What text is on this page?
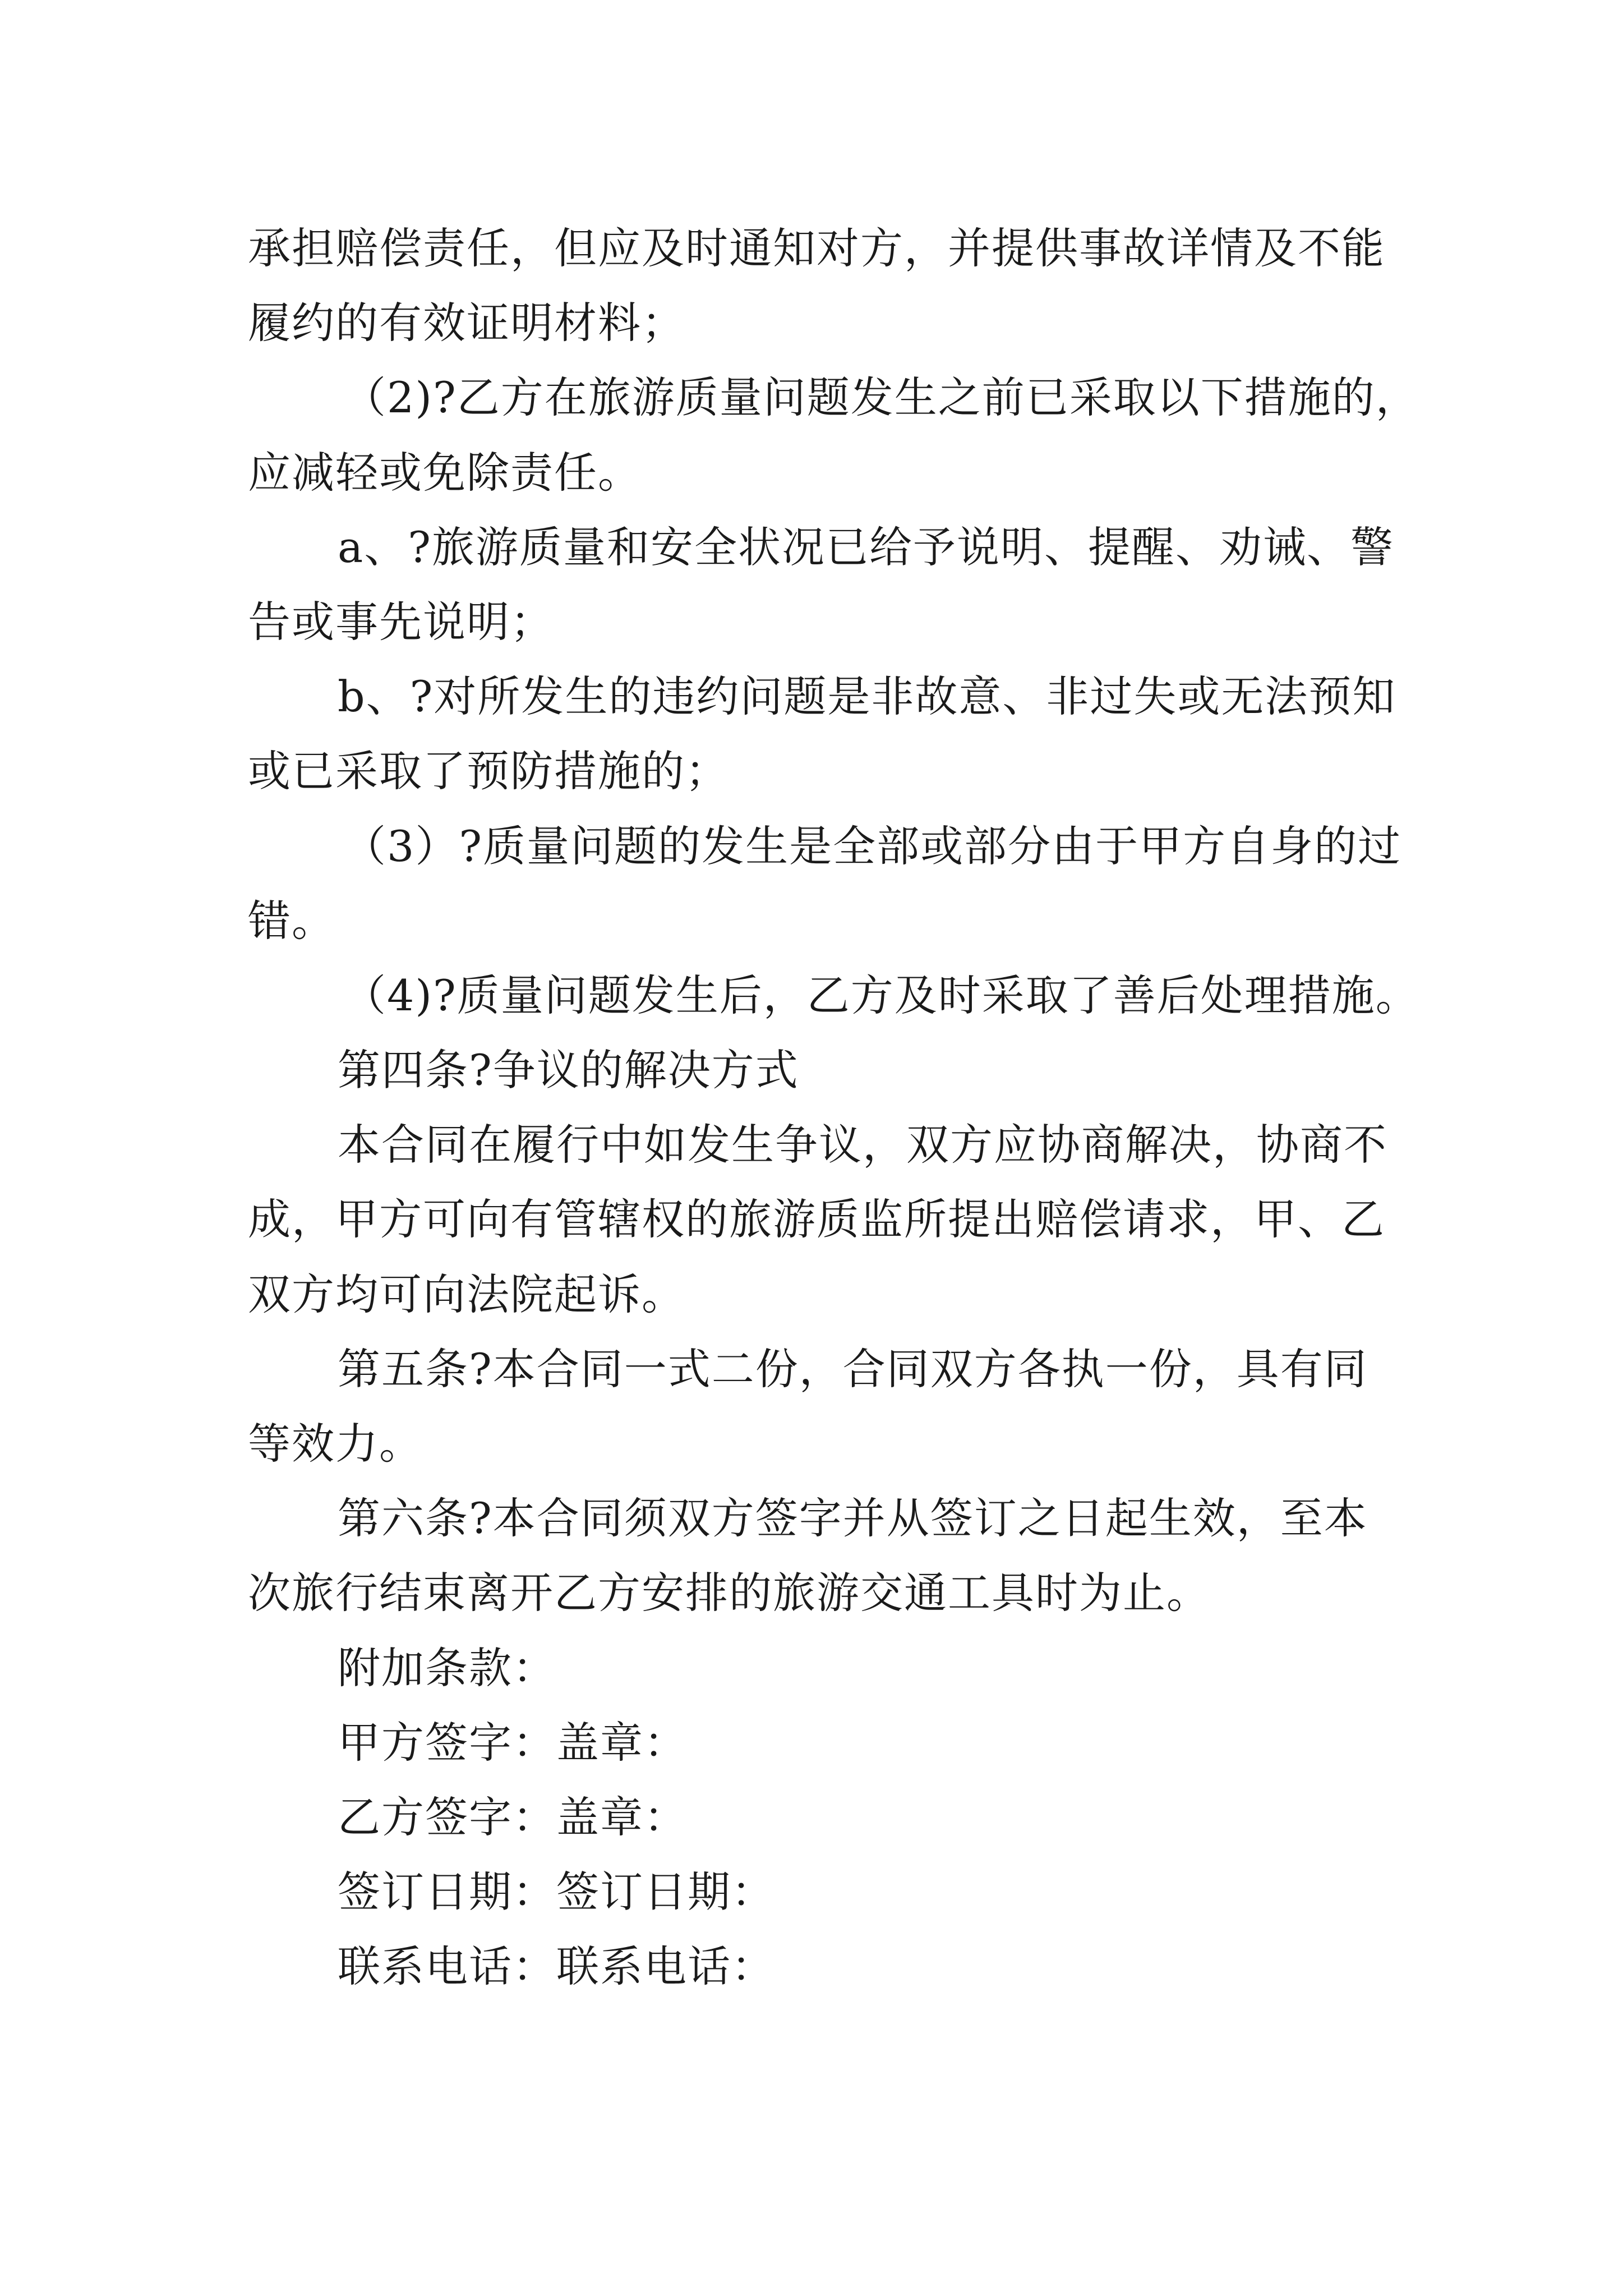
承担赔偿责任，但应及时通知对方，并提供事故详情及不能
履约的有效证明材料；
（2)?乙方在旅游质量问题发生之前已采取以下措施的，
应减轻或免除责任。
a、?旅游质量和安全状况已给予说明、提醒、劝诫、警
告或事先说明；
b、?对所发生的违约问题是非故意、非过失或无法预知
或已采取了预防措施的；
（3）?质量问题的发生是全部或部分由于甲方自身的过
错。
（4)?质量问题发生后，乙方及时采取了善后处理措施。
第四条?争议的解决方式
本合同在履行中如发生争议，双方应协商解决，协商不
成，甲方可向有管辖权的旅游质监所提出赔偿请求，甲、乙
双方均可向法院起诉。
第五条?本合同一式二份，合同双方各执一份，具有同
等效力。
第六条?本合同须双方签字并从签订之日起生效，至本
次旅行结束离开乙方安排的旅游交通工具时为止。
附加条款：
甲方签字：盖章：
乙方签字：盖章：
签订日期：签订日期：
联系电话：联系电话：
